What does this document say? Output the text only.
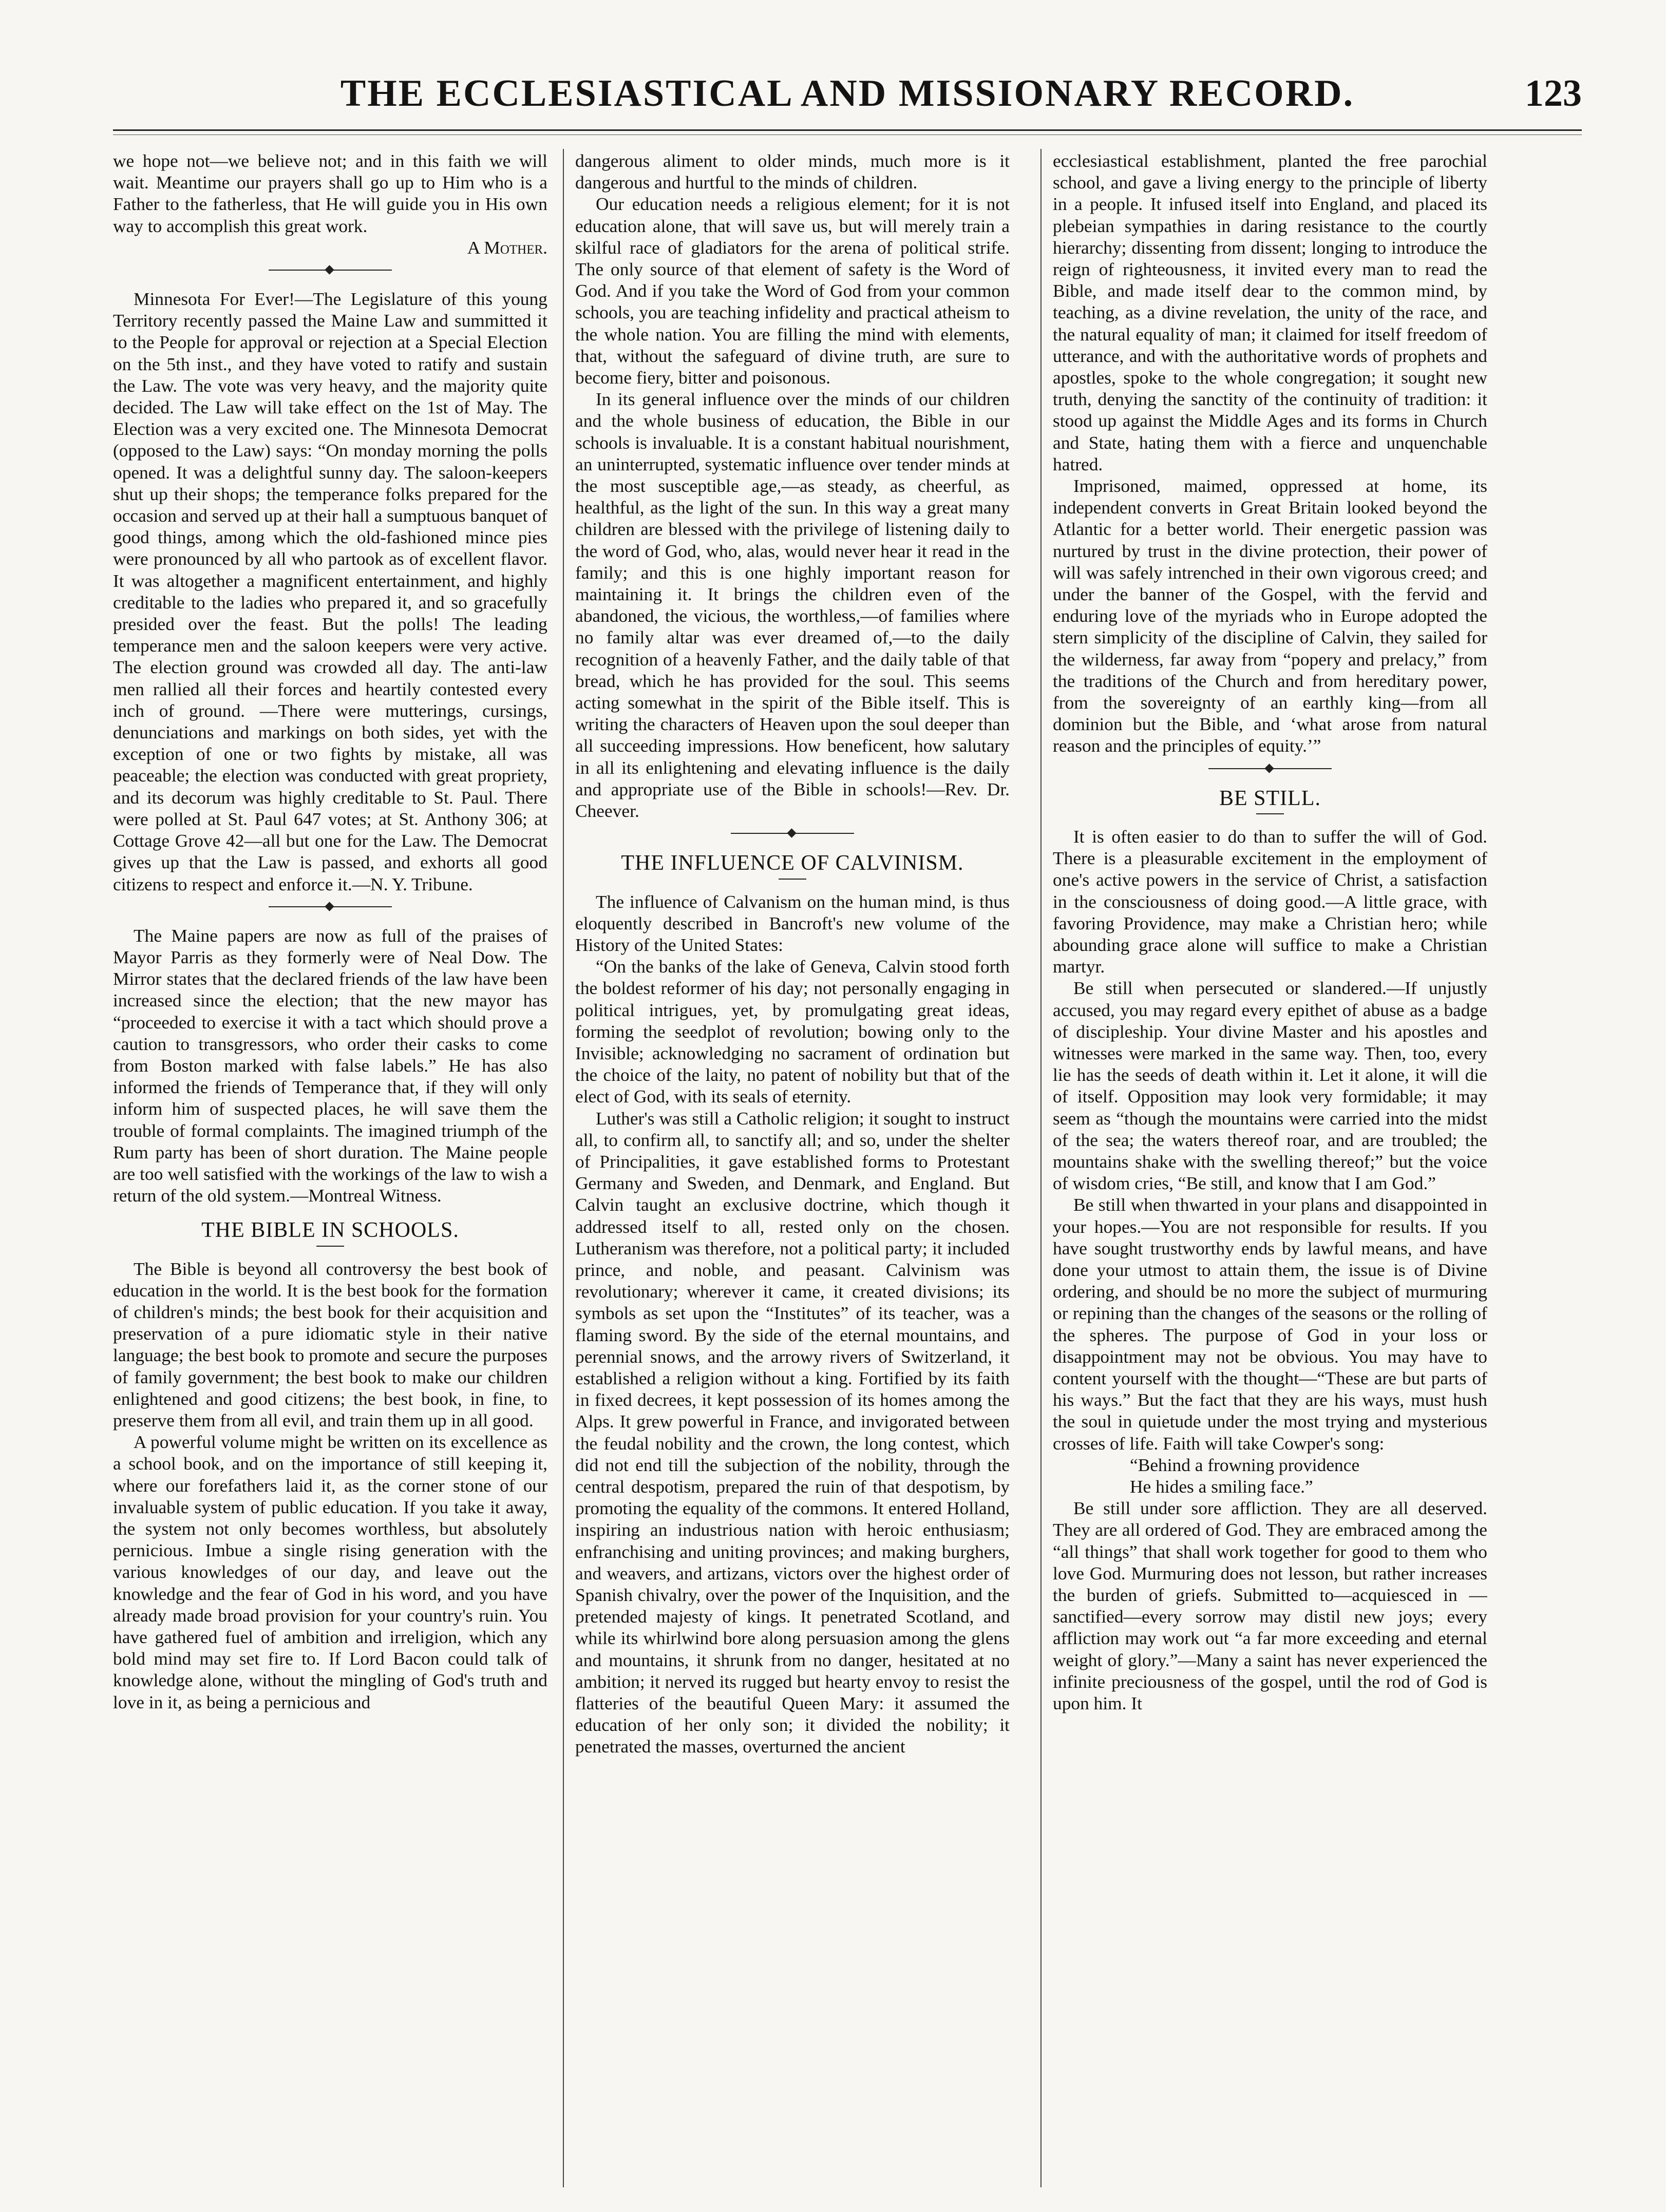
THE ECCLESIASTICAL AND MISSIONARY RECORD.	123

we hope not—we believe not; and in this faith we will wait. Meantime our prayers shall go up to Him who is a Father to the fatherless, that He will guide you in His own way to accomplish this great work.

A Mother.

Minnesota For Ever!—The Legislature of this young Territory recently passed the Maine Law and summitted it to the People for approval or rejection at a Special Election on the 5th inst., and they have voted to ratify and sustain the Law. The vote was very heavy, and the majority quite decided. The Law will take effect on the 1st of May. The Election was a very excited one. The Minnesota Democrat (opposed to the Law) says: “On monday morning the polls opened. It was a delightful sunny day. The saloon-keepers shut up their shops; the temperance folks prepared for the occasion and served up at their hall a sumptuous banquet of good things, among which the old-fashioned mince pies were pronounced by all who partook as of excellent flavor. It was altogether a magnificent entertainment, and highly creditable to the ladies who prepared it, and so gracefully presided over the feast. But the polls! The leading temperance men and the saloon keepers were very active. The election ground was crowded all day. The anti-law men rallied all their forces and heartily contested every inch of ground. —There were mutterings, cursings, denunciations and markings on both sides, yet with the exception of one or two fights by mistake, all was peaceable; the election was conducted with great propriety, and its decorum was highly creditable to St. Paul. There were polled at St. Paul 647 votes; at St. Anthony 306; at Cottage Grove 42—all but one for the Law. The Democrat gives up that the Law is passed, and exhorts all good citizens to respect and enforce it.—N. Y. Tribune.

The Maine papers are now as full of the praises of Mayor Parris as they formerly were of Neal Dow. The Mirror states that the declared friends of the law have been increased since the election; that the new mayor has “proceeded to exercise it with a tact which should prove a caution to transgressors, who order their casks to come from Boston marked with false labels.” He has also informed the friends of Temperance that, if they will only inform him of suspected places, he will save them the trouble of formal complaints. The imagined triumph of the Rum party has been of short duration. The Maine people are too well satisfied with the workings of the law to wish a return of the old system.—Montreal Witness.

THE BIBLE IN SCHOOLS.

The Bible is beyond all controversy the best book of education in the world. It is the best book for the formation of children's minds; the best book for their acquisition and preservation of a pure idiomatic style in their native language; the best book to promote and secure the purposes of family government; the best book to make our children enlightened and good citizens; the best book, in fine, to preserve them from all evil, and train them up in all good.

A powerful volume might be written on its excellence as a school book, and on the importance of still keeping it, where our forefathers laid it, as the corner stone of our invaluable system of public education. If you take it away, the system not only becomes worthless, but absolutely pernicious. Imbue a single rising generation with the various knowledges of our day, and leave out the knowledge and the fear of God in his word, and you have already made broad provision for your country's ruin. You have gathered fuel of ambition and irreligion, which any bold mind may set fire to. If Lord Bacon could talk of knowledge alone, without the mingling of God's truth and love in it, as being a pernicious and

dangerous aliment to older minds, much more is it dangerous and hurtful to the minds of children.

Our education needs a religious element; for it is not education alone, that will save us, but will merely train a skilful race of gladiators for the arena of political strife. The only source of that element of safety is the Word of God. And if you take the Word of God from your common schools, you are teaching infidelity and practical atheism to the whole nation. You are filling the mind with elements, that, without the safeguard of divine truth, are sure to become fiery, bitter and poisonous.

In its general influence over the minds of our children and the whole business of education, the Bible in our schools is invaluable. It is a constant habitual nourishment, an uninterrupted, systematic influence over tender minds at the most susceptible age,—as steady, as cheerful, as healthful, as the light of the sun. In this way a great many children are blessed with the privilege of listening daily to the word of God, who, alas, would never hear it read in the family; and this is one highly important reason for maintaining it. It brings the children even of the abandoned, the vicious, the worthless,—of families where no family altar was ever dreamed of,—to the daily recognition of a heavenly Father, and the daily table of that bread, which he has provided for the soul. This seems acting somewhat in the spirit of the Bible itself. This is writing the characters of Heaven upon the soul deeper than all succeeding impressions. How beneficent, how salutary in all its enlightening and elevating influence is the daily and appropriate use of the Bible in schools!—Rev. Dr. Cheever.

THE INFLUENCE OF CALVINISM.

The influence of Calvanism on the human mind, is thus eloquently described in Bancroft's new volume of the History of the United States:

“On the banks of the lake of Geneva, Calvin stood forth the boldest reformer of his day; not personally engaging in political intrigues, yet, by promulgating great ideas, forming the seedplot of revolution; bowing only to the Invisible; acknowledging no sacrament of ordination but the choice of the laity, no patent of nobility but that of the elect of God, with its seals of eternity.

Luther's was still a Catholic religion; it sought to instruct all, to confirm all, to sanctify all; and so, under the shelter of Principalities, it gave established forms to Protestant Germany and Sweden, and Denmark, and England. But Calvin taught an exclusive doctrine, which though it addressed itself to all, rested only on the chosen. Lutheranism was therefore, not a political party; it included prince, and noble, and peasant. Calvinism was revolutionary; wherever it came, it created divisions; its symbols as set upon the “Institutes” of its teacher, was a flaming sword. By the side of the eternal mountains, and perennial snows, and the arrowy rivers of Switzerland, it established a religion without a king. Fortified by its faith in fixed decrees, it kept possession of its homes among the Alps. It grew powerful in France, and invigorated between the feudal nobility and the crown, the long contest, which did not end till the subjection of the nobility, through the central despotism, prepared the ruin of that despotism, by promoting the equality of the commons. It entered Holland, inspiring an industrious nation with heroic enthusiasm; enfranchising and uniting provinces; and making burghers, and weavers, and artizans, victors over the highest order of Spanish chivalry, over the power of the Inquisition, and the pretended majesty of kings. It penetrated Scotland, and while its whirlwind bore along persuasion among the glens and mountains, it shrunk from no danger, hesitated at no ambition; it nerved its rugged but hearty envoy to resist the flatteries of the beautiful Queen Mary: it assumed the education of her only son; it divided the nobility; it penetrated the masses, overturned the ancient

ecclesiastical establishment, planted the free parochial school, and gave a living energy to the principle of liberty in a people. It infused itself into England, and placed its plebeian sympathies in daring resistance to the courtly hierarchy; dissenting from dissent; longing to introduce the reign of righteousness, it invited every man to read the Bible, and made itself dear to the common mind, by teaching, as a divine revelation, the unity of the race, and the natural equality of man; it claimed for itself freedom of utterance, and with the authoritative words of prophets and apostles, spoke to the whole congregation; it sought new truth, denying the sanctity of the continuity of tradition: it stood up against the Middle Ages and its forms in Church and State, hating them with a fierce and unquenchable hatred.

Imprisoned, maimed, oppressed at home, its independent converts in Great Britain looked beyond the Atlantic for a better world. Their energetic passion was nurtured by trust in the divine protection, their power of will was safely intrenched in their own vigorous creed; and under the banner of the Gospel, with the fervid and enduring love of the myriads who in Europe adopted the stern simplicity of the discipline of Calvin, they sailed for the wilderness, far away from “popery and prelacy,” from the traditions of the Church and from hereditary power, from the sovereignty of an earthly king—from all dominion but the Bible, and ‘what arose from natural reason and the principles of equity.’”

BE STILL.

It is often easier to do than to suffer the will of God. There is a pleasurable excitement in the employment of one's active powers in the service of Christ, a satisfaction in the consciousness of doing good.—A little grace, with favoring Providence, may make a Christian hero; while abounding grace alone will suffice to make a Christian martyr.

Be still when persecuted or slandered.—If unjustly accused, you may regard every epithet of abuse as a badge of discipleship. Your divine Master and his apostles and witnesses were marked in the same way. Then, too, every lie has the seeds of death within it. Let it alone, it will die of itself. Opposition may look very formidable; it may seem as “though the mountains were carried into the midst of the sea; the waters thereof roar, and are troubled; the mountains shake with the swelling thereof;” but the voice of wisdom cries, “Be still, and know that I am God.”

Be still when thwarted in your plans and disappointed in your hopes.—You are not responsible for results. If you have sought trustworthy ends by lawful means, and have done your utmost to attain them, the issue is of Divine ordering, and should be no more the subject of murmuring or repining than the changes of the seasons or the rolling of the spheres. The purpose of God in your loss or disappointment may not be obvious. You may have to content yourself with the thought—“These are but parts of his ways.” But the fact that they are his ways, must hush the soul in quietude under the most trying and mysterious crosses of life. Faith will take Cowper's song:

“Behind a frowning providence

He hides a smiling face.”

Be still under sore affliction. They are all deserved. They are all ordered of God. They are embraced among the “all things” that shall work together for good to them who love God. Murmuring does not lesson, but rather increases the burden of griefs. Submitted to—acquiesced in —sanctified—every sorrow may distil new joys; every affliction may work out “a far more exceeding and eternal weight of glory.”—Many a saint has never experienced the infinite preciousness of the gospel, until the rod of God is upon him. It
